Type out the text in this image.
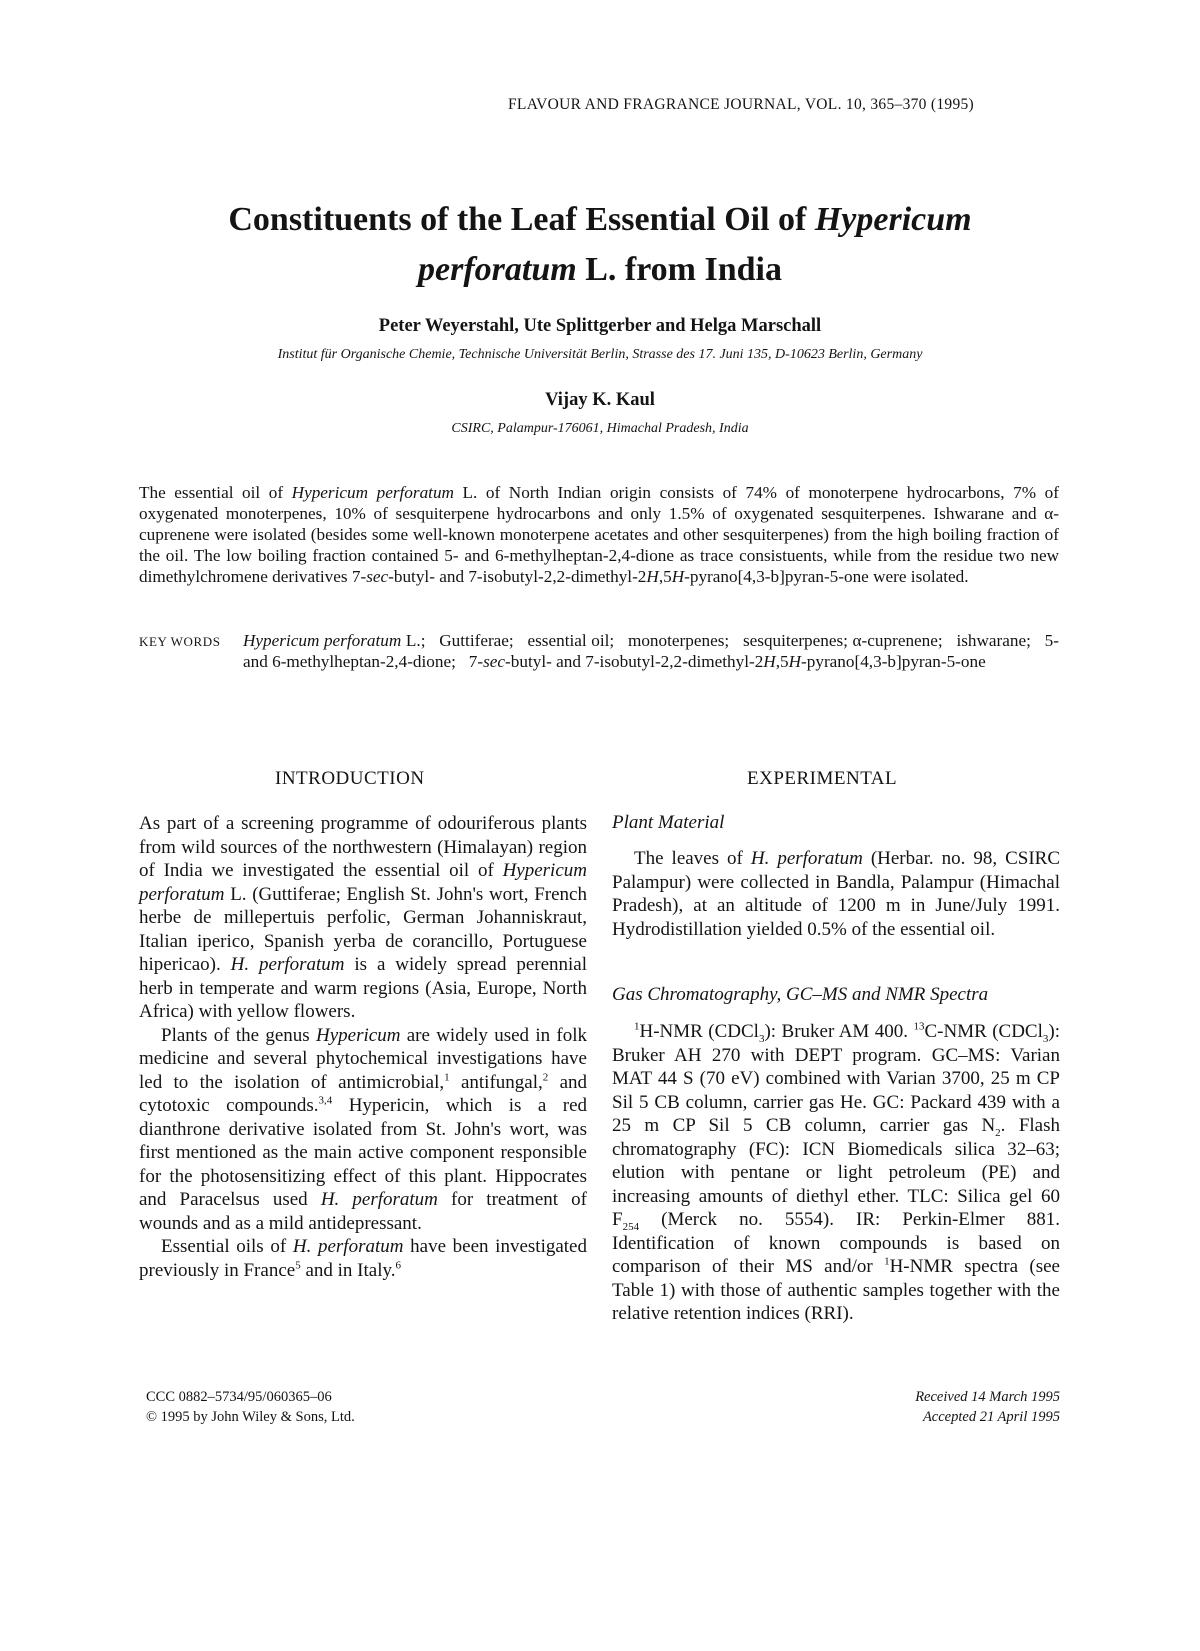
FLAVOUR AND FRAGRANCE JOURNAL, VOL. 10, 365–370 (1995)
Constituents of the Leaf Essential Oil of Hypericum
perforatum L. from India
Peter Weyerstahl, Ute Splittgerber and Helga Marschall
Institut für Organische Chemie, Technische Universität Berlin, Strasse des 17. Juni 135, D-10623 Berlin, Germany
Vijay K. Kaul
CSIRC, Palampur-176061, Himachal Pradesh, India
The essential oil of Hypericum perforatum L. of North Indian origin consists of 74% of monoterpene hydrocarbons, 7% of oxygenated monoterpenes, 10% of sesquiterpene hydrocarbons and only 1.5% of oxygenated sesquiterpenes. Ishwarane and α-cuprenene were isolated (besides some well-known monoterpene acetates and other sesquiterpenes) from the high boiling fraction of the oil. The low boiling fraction contained 5- and 6-methylheptan-2,4-dione as trace consistuents, while from the residue two new dimethylchromene derivatives 7-sec-butyl- and 7-isobutyl-2,2-dimethyl-2H,5H-pyrano[4,3-b]pyran-5-one were isolated.
KEY WORDS Hypericum perforatum L.;   Guttiferae;   essential oil;   monoterpenes;   sesquiterpenes; α-cuprenene;   ishwarane;   5- and 6-methylheptan-2,4-dione;   7-sec-butyl- and 7-isobutyl-2,2-dimethyl-2H,5H-pyrano[4,3-b]pyran-5-one
INTRODUCTION

As part of a screening programme of odouriferous plants from wild sources of the northwestern (Himalayan) region of India we investigated the essential oil of Hypericum perforatum L. (Guttiferae; English St. John's wort, French herbe de millepertuis perfolic, German Johanniskraut, Italian iperico, Spanish yerba de corancillo, Portuguese hipericao). H. perforatum is a widely spread perennial herb in temperate and warm regions (Asia, Europe, North Africa) with yellow flowers.

Plants of the genus Hypericum are widely used in folk medicine and several phytochemical investigations have led to the isolation of antimicrobial,$^1$ antifungal,$^2$ and cytotoxic compounds.$^{3,4}$ Hypericin, which is a red dianthrone derivative isolated from St. John's wort, was first mentioned as the main active component responsible for the photosensitizing effect of this plant. Hippocrates and Paracelsus used H. perforatum for treatment of wounds and as a mild antidepressant.

Essential oils of H. perforatum have been investigated previously in France$^5$ and in Italy.$^6$

EXPERIMENTAL
Plant Material
The leaves of H. perforatum (Herbar. no. 98, CSIRC Palampur) were collected in Bandla, Palampur (Himachal Pradesh), at an altitude of 1200 m in June/July 1991. Hydrodistillation yielded 0.5% of the essential oil.
Gas Chromatography, GC–MS and NMR Spectra
$^1$H-NMR (CDCl$_3$): Bruker AM 400. $^{13}$C-NMR (CDCl$_3$): Bruker AH 270 with DEPT program. GC–MS: Varian MAT 44 S (70 eV) combined with Varian 3700, 25 m CP Sil 5 CB column, carrier gas He. GC: Packard 439 with a 25 m CP Sil 5 CB column, carrier gas $N_2$. Flash chromatography (FC): ICN Biomedicals silica 32–63; elution with pentane or light petroleum (PE) and increasing amounts of diethyl ether. TLC: Silica gel 60 $F_{254}$ (Merck no. 5554). IR: Perkin-Elmer 881. Identification of known compounds is based on comparison of their MS and/or $^1$H-NMR spectra (see Table 1) with those of authentic samples together with the relative retention indices (RRI).
CCC 0882–5734/95/060365–06
© 1995 by John Wiley & Sons, Ltd.
Received 14 March 1995
Accepted 21 April 1995
